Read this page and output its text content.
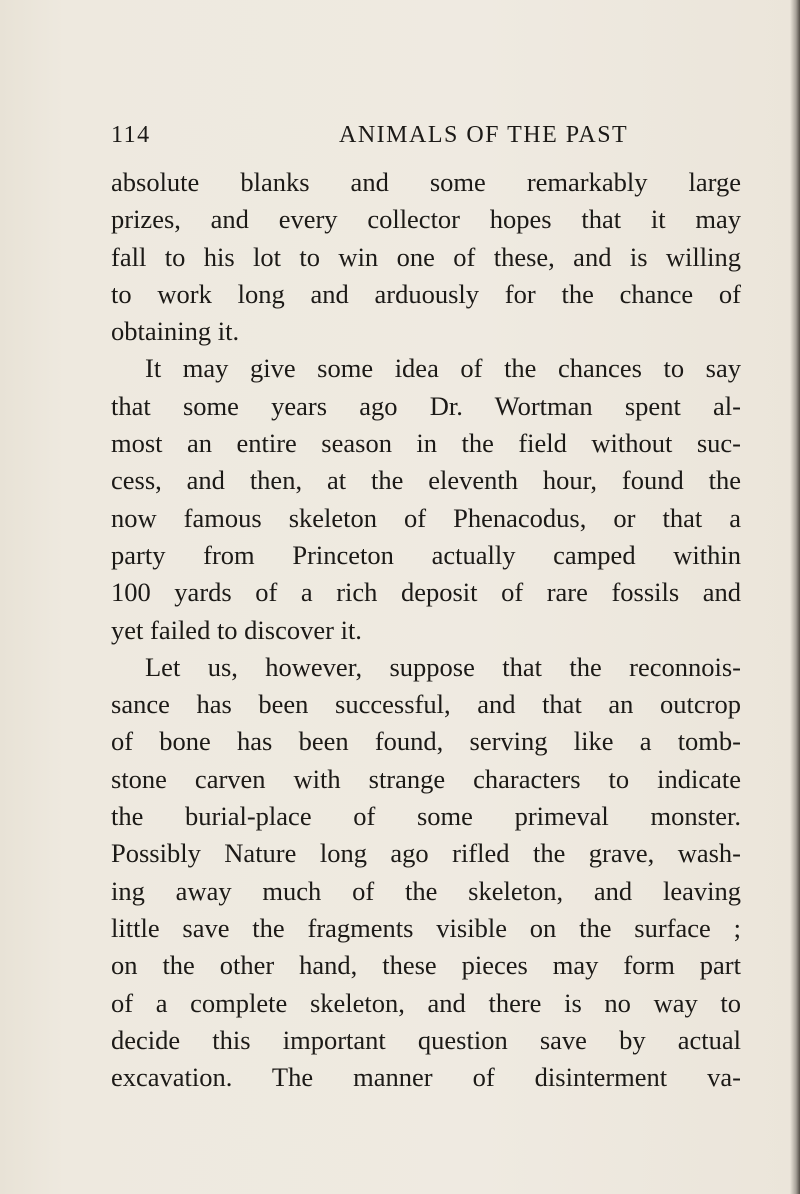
114	ANIMALS OF THE PAST
absolute blanks and some remarkably large
prizes, and every collector hopes that it may
fall to his lot to win one of these, and is willing
to work long and arduously for the chance of
obtaining it.
It may give some idea of the chances to say
that some years ago Dr. Wortman spent al-
most an entire season in the field without suc-
cess, and then, at the eleventh hour, found the
now famous skeleton of Phenacodus, or that a
party from Princeton actually camped within
100 yards of a rich deposit of rare fossils and
yet failed to discover it.
Let us, however, suppose that the reconnois-
sance has been successful, and that an outcrop
of bone has been found, serving like a tomb-
stone carven with strange characters to indicate
the burial-place of some primeval monster.
Possibly Nature long ago rifled the grave, wash-
ing away much of the skeleton, and leaving
little save the fragments visible on the surface ;
on the other hand, these pieces may form part
of a complete skeleton, and there is no way to
decide this important question save by actual
excavation. The manner of disinterment va-
